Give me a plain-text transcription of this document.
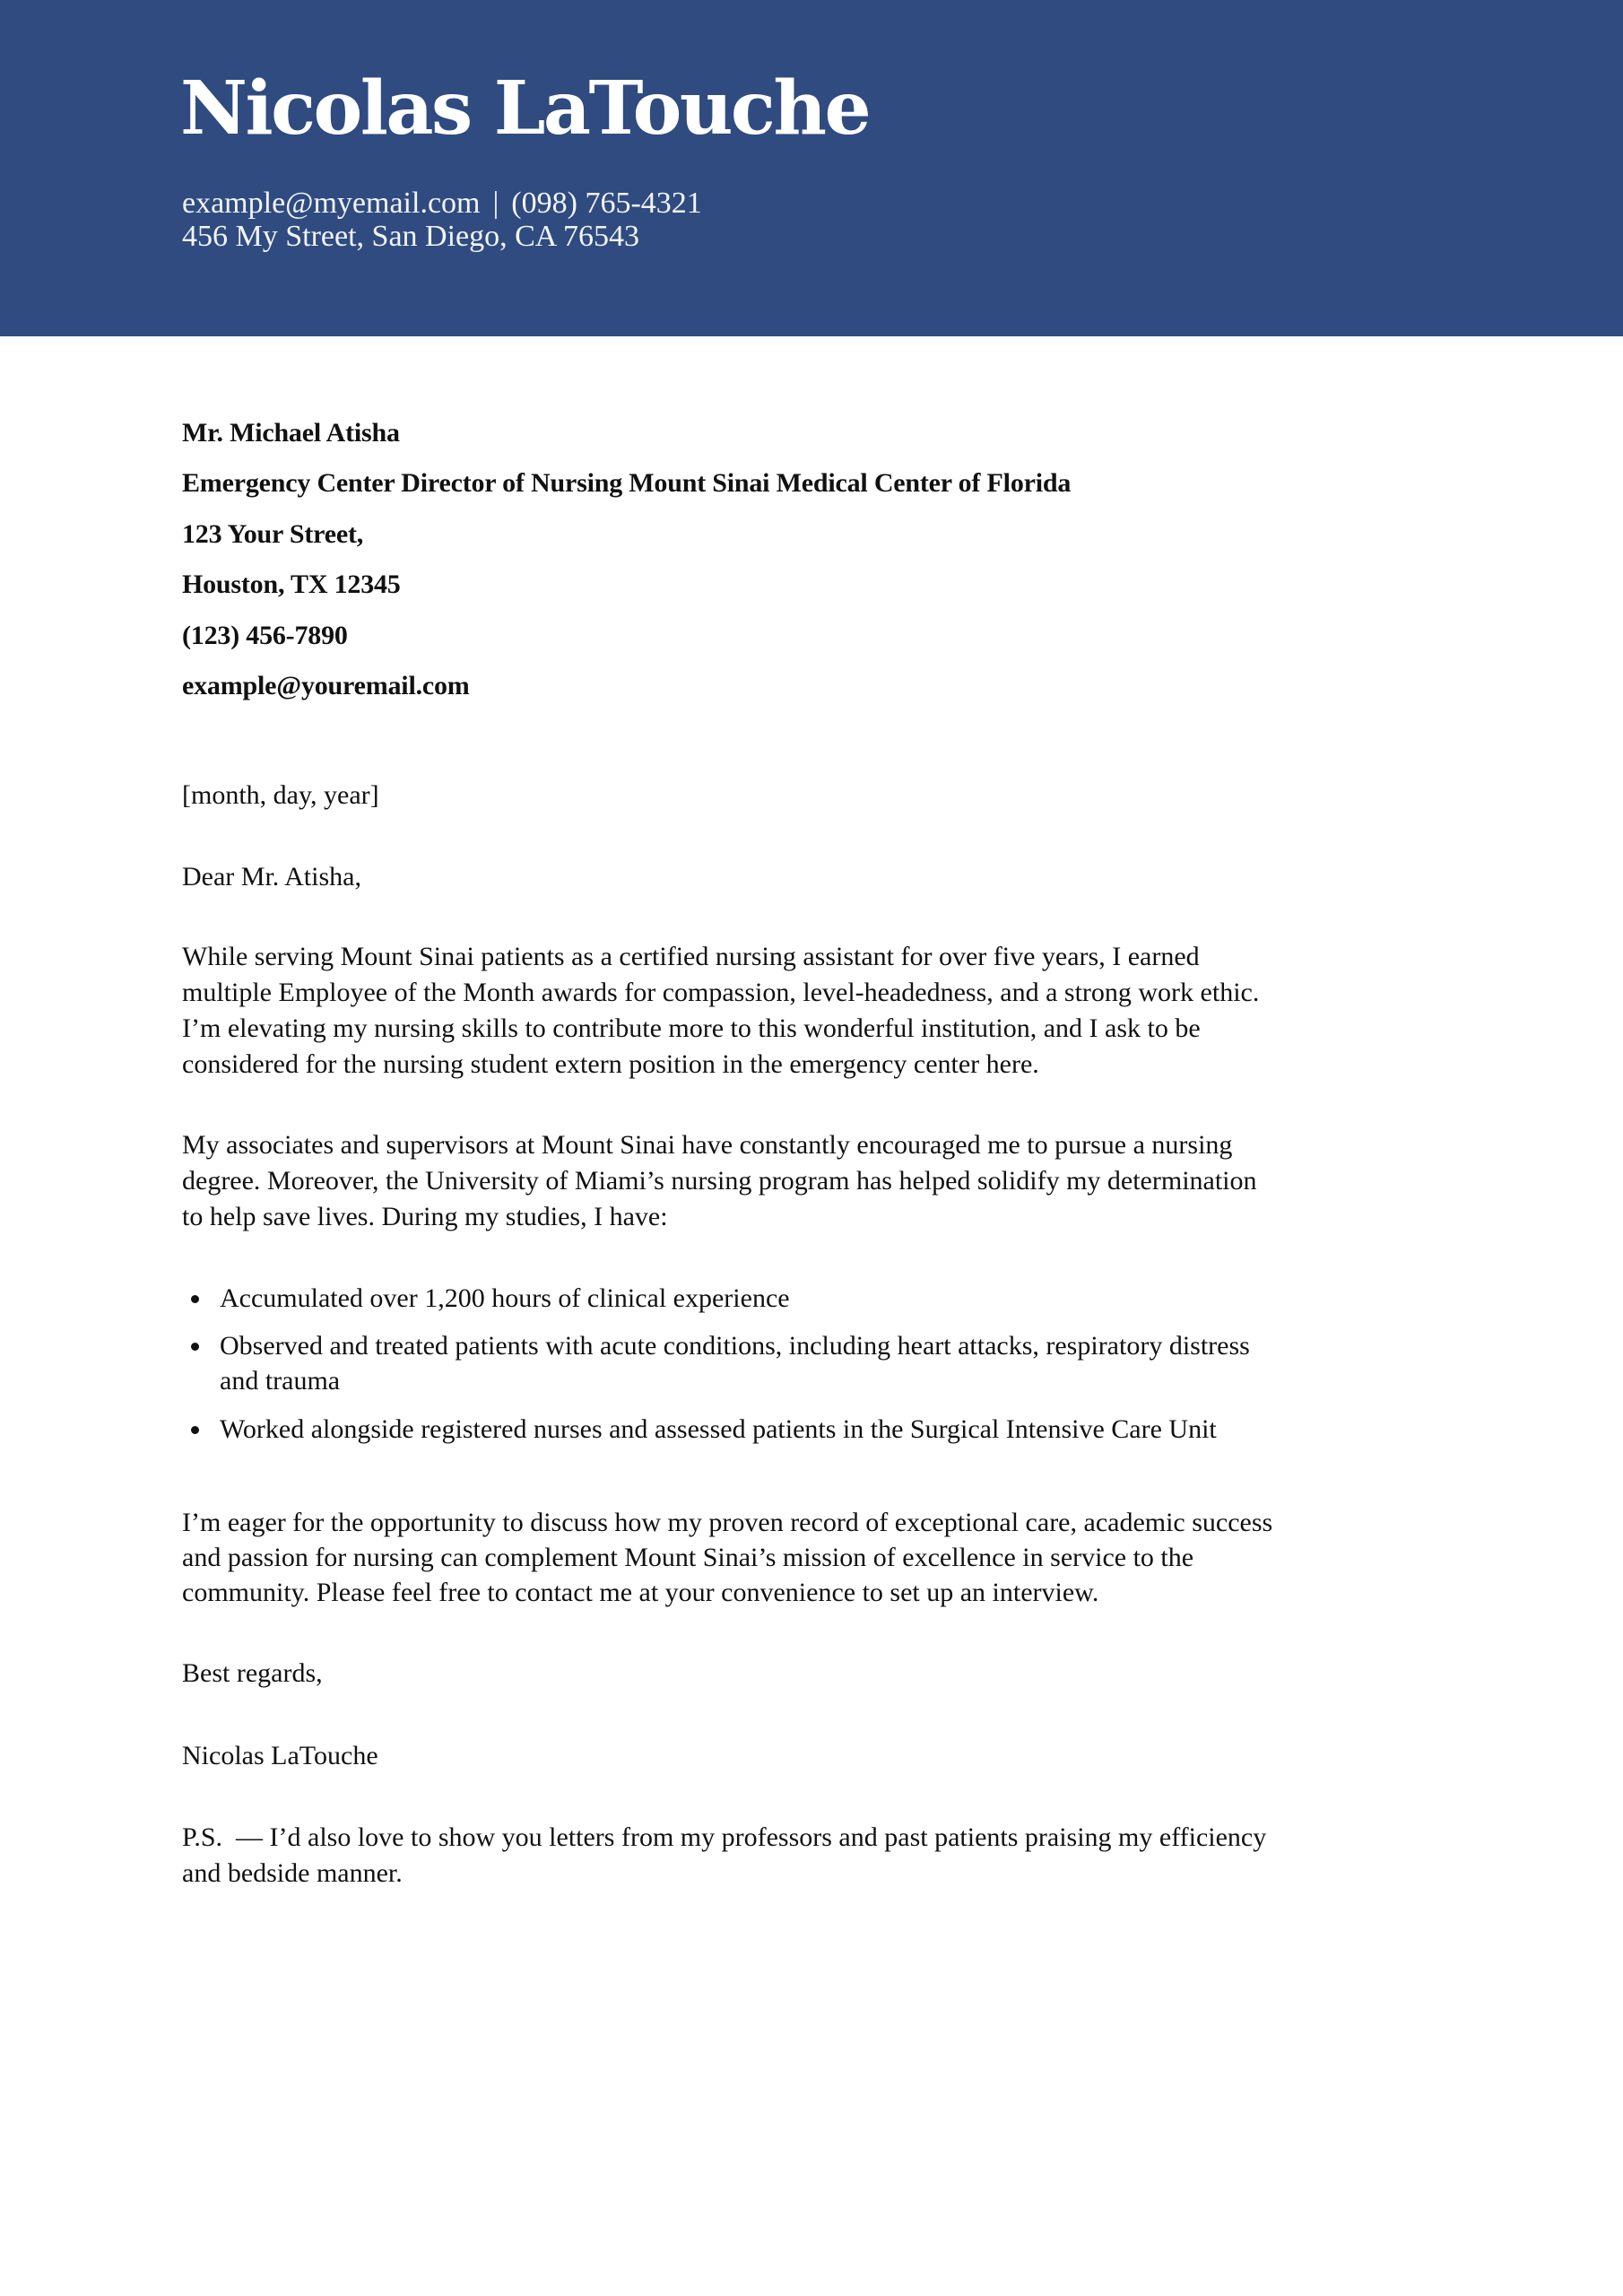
Nicolas LaTouche
example@myemail.com | (098) 765-4321
456 My Street, San Diego, CA 76543
Mr. Michael Atisha
Emergency Center Director of Nursing Mount Sinai Medical Center of Florida
123 Your Street,
Houston, TX 12345
(123) 456-7890
example@youremail.com
[month, day, year]
Dear Mr. Atisha,
While serving Mount Sinai patients as a certified nursing assistant for over five years, I earned
multiple Employee of the Month awards for compassion, level-headedness, and a strong work ethic.
I’m elevating my nursing skills to contribute more to this wonderful institution, and I ask to be
considered for the nursing student extern position in the emergency center here.
My associates and supervisors at Mount Sinai have constantly encouraged me to pursue a nursing
degree. Moreover, the University of Miami’s nursing program has helped solidify my determination
to help save lives. During my studies, I have:
Accumulated over 1,200 hours of clinical experience
Observed and treated patients with acute conditions, including heart attacks, respiratory distress
and trauma
Worked alongside registered nurses and assessed patients in the Surgical Intensive Care Unit
I’m eager for the opportunity to discuss how my proven record of exceptional care, academic success
and passion for nursing can complement Mount Sinai’s mission of excellence in service to the
community. Please feel free to contact me at your convenience to set up an interview.
Best regards,
Nicolas LaTouche
P.S.  — I’d also love to show you letters from my professors and past patients praising my efficiency
and bedside manner.
